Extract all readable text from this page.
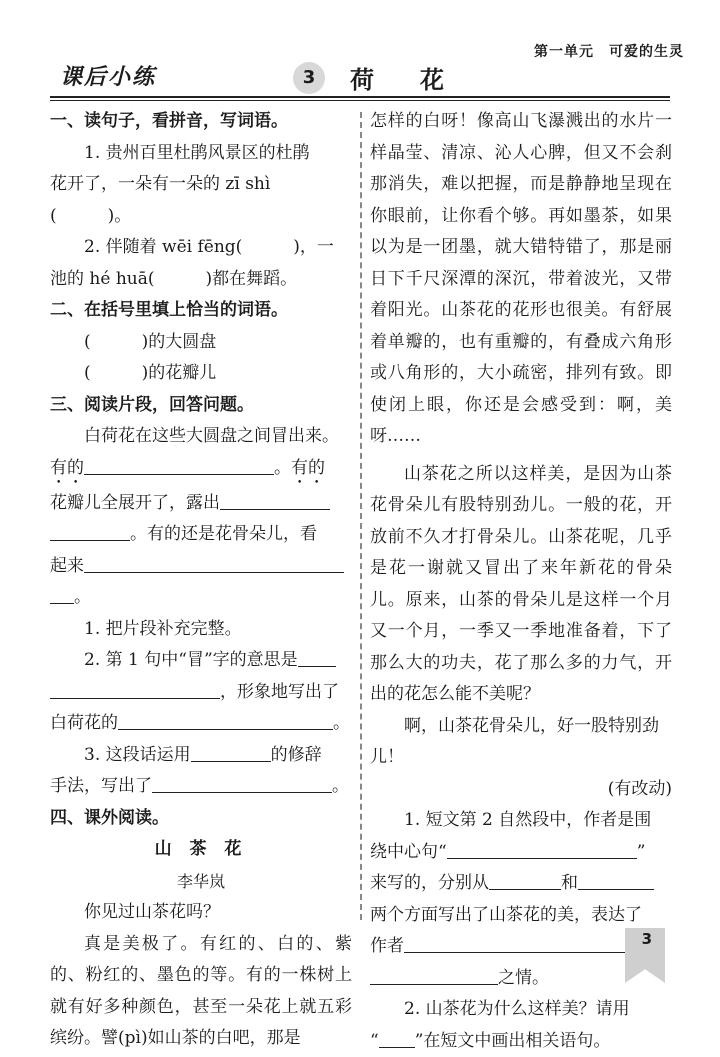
第一单元　可爱的生灵
课后小练	3	荷花

一、读句子，看拼音，写词语。

1. 贵州百里杜鹃风景区的杜鹃

花开了，一朵有一朵的 zī shì

(　　　)。

2. 伴随着 wēi fēng(　　　)，一

池的 hé huā(　　　)都在舞蹈。

二、在括号里填上恰当的词语。

(　　　)的大圆盘

(　　　)的花瓣儿

三、阅读片段，回答问题。

白荷花在这些大圆盘之间冒出来。

有的	。有的

花瓣儿全展开了，露出

。有的还是花骨朵儿，看

起来

。

1. 把片段补充完整。

2. 第 1 句中“冒”字的意思是

，形象地写出了

白荷花的	。

3. 这段话运用	的修辞

手法，写出了	。

四、课外阅读。

山 茶 花

李华岚

你见过山茶花吗？

真是美极了。有红的、白的、紫的、粉红的、墨色的等。有的一株树上就有好多种颜色，甚至一朵花上就五彩缤纷。譬(pì)如山茶的白吧，那是

怎样的白呀！像高山飞瀑溅出的水片一样晶莹、清凉、沁人心脾，但又不会刹那消失，难以把握，而是静静地呈现在你眼前，让你看个够。再如墨茶，如果以为是一团墨，就大错特错了，那是丽日下千尺深潭的深沉，带着波光，又带着阳光。山茶花的花形也很美。有舒展着单瓣的，也有重瓣的，有叠成六角形或八角形的，大小疏密，排列有致。即使闭上眼，你还是会感受到：啊，美呀……

山茶花之所以这样美，是因为山茶花骨朵儿有股特别劲儿。一般的花，开放前不久才打骨朵儿。山茶花呢，几乎是花一谢就又冒出了来年新花的骨朵儿。原来，山茶的骨朵儿是这样一个月又一个月，一季又一季地准备着，下了那么大的功夫，花了那么多的力气，开出的花怎么能不美呢？

啊，山茶花骨朵儿，好一股特别劲儿！

(有改动)

1. 短文第 2 自然段中，作者是围

绕中心句“	”

来写的，分别从	和

两个方面写出了山茶花的美，表达了

作者

之情。

2. 山茶花为什么这样美？请用

“ ”在短文中画出相关语句。

3
